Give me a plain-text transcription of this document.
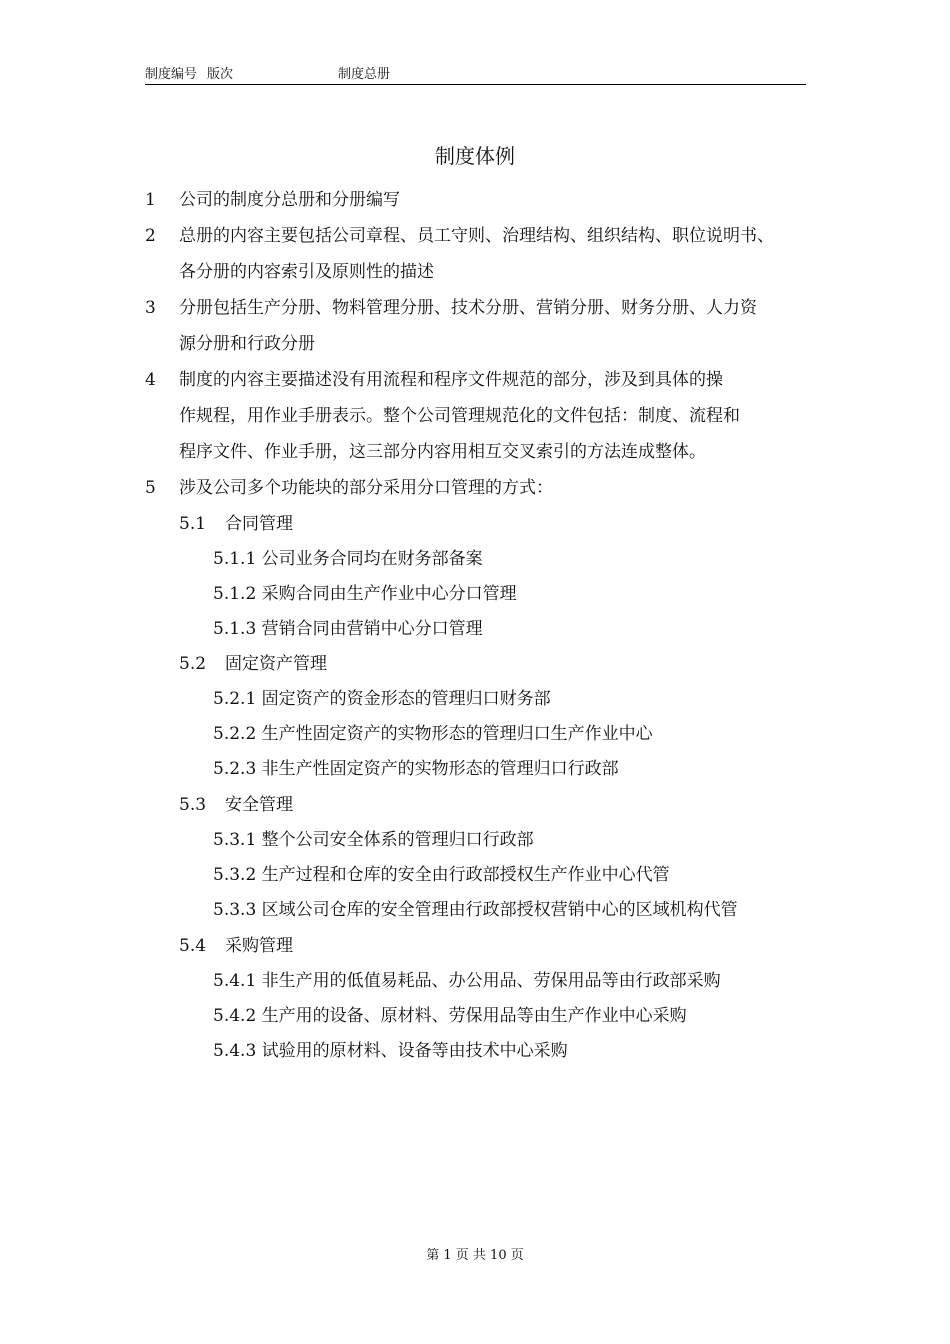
制度编号 版次	制度总册
制度体例
1 公司的制度分总册和分册编写
2 总册的内容主要包括公司章程、员工守则、治理结构、组织结构、职位说明书、
各分册的内容索引及原则性的描述
3 分册包括生产分册、物料管理分册、技术分册、营销分册、财务分册、人力资
源分册和行政分册
4 制度的内容主要描述没有用流程和程序文件规范的部分，涉及到具体的操
作规程，用作业手册表示。整个公司管理规范化的文件包括：制度、流程和
程序文件、作业手册，这三部分内容用相互交叉索引的方法连成整体。
5 涉及公司多个功能块的部分采用分口管理的方式：
5.1 合同管理
5.1.1 公司业务合同均在财务部备案
5.1.2 采购合同由生产作业中心分口管理
5.1.3 营销合同由营销中心分口管理
5.2 固定资产管理
5.2.1 固定资产的资金形态的管理归口财务部
5.2.2 生产性固定资产的实物形态的管理归口生产作业中心
5.2.3 非生产性固定资产的实物形态的管理归口行政部
5.3 安全管理
5.3.1 整个公司安全体系的管理归口行政部
5.3.2 生产过程和仓库的安全由行政部授权生产作业中心代管
5.3.3 区域公司仓库的安全管理由行政部授权营销中心的区域机构代管
5.4 采购管理
5.4.1 非生产用的低值易耗品、办公用品、劳保用品等由行政部采购
5.4.2 生产用的设备、原材料、劳保用品等由生产作业中心采购
5.4.3 试验用的原材料、设备等由技术中心采购
第 1 页 共 10 页
